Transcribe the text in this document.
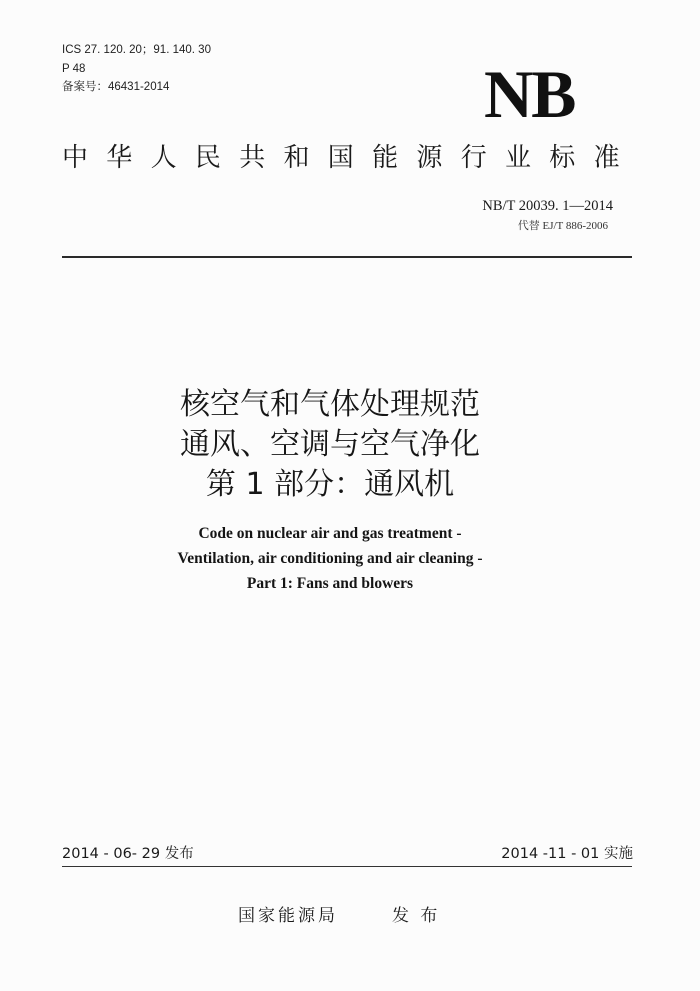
ICS 27. 120. 20；91. 140. 30
P 48
备案号：46431-2014	NB
中华人民共和国能源行业标准
NB/T 20039. 1—2014
代替 EJ/T 886-2006
核空气和气体处理规范
通风、空调与空气净化
第 1 部分：通风机
Code on nuclear air and gas treatment -
Ventilation, air conditioning and air cleaning -
Part 1: Fans and blowers
2014 - 06- 29 发布	2014 -11 - 01 实施
国家能源局	发 布
